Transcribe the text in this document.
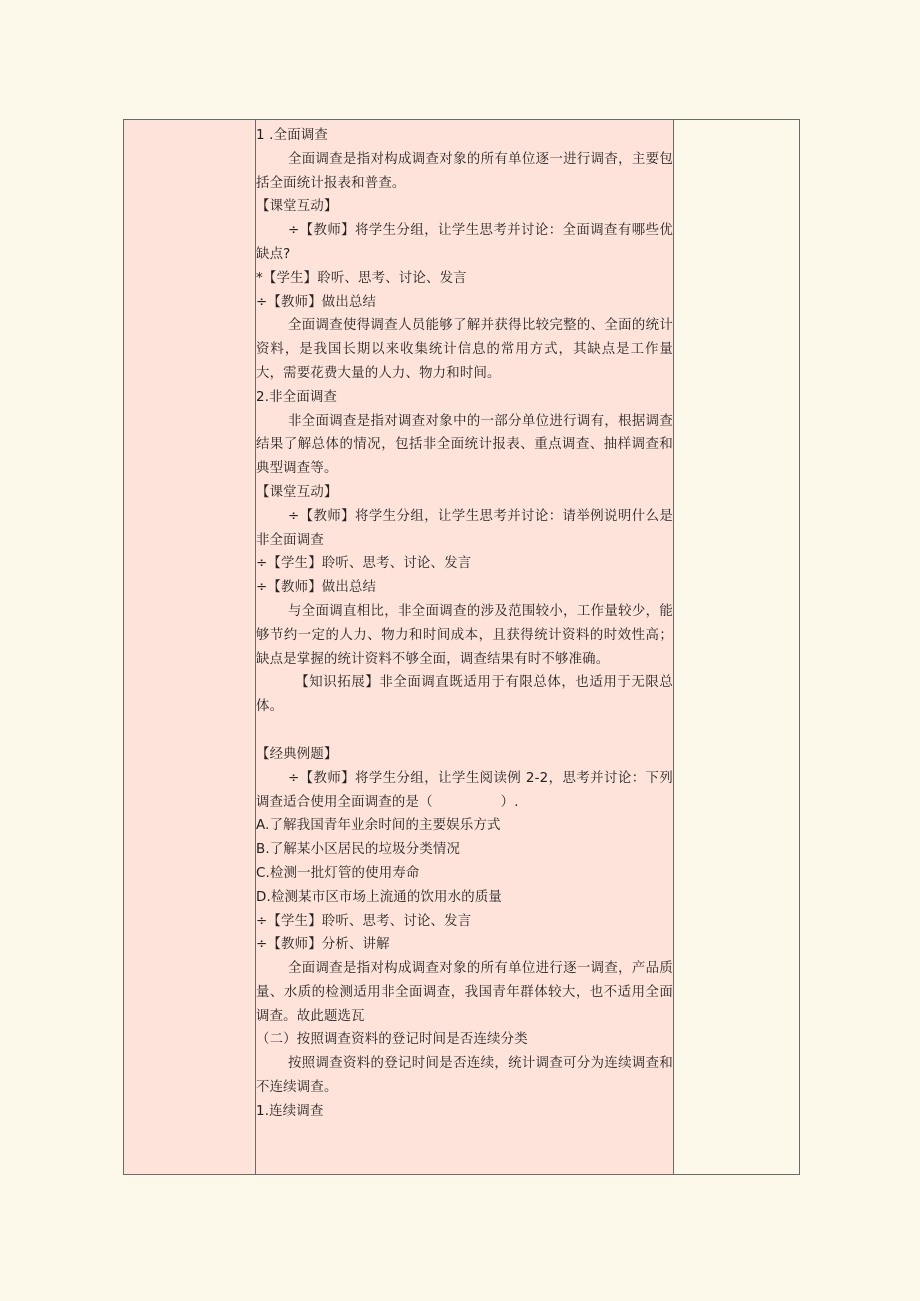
1 .全面调查

全面调查是指对构成调查对象的所有单位逐一进行调杳，主要包括全面统计报表和普查。

【课堂互动】

÷【教师】将学生分组，让学生思考并讨论：全面调查有哪些优缺点?

*【学生】聆听、思考、讨论、发言

÷【教师】做出总结

全面调查使得调查人员能够了解并获得比较完整的、全面的统计资料，是我国长期以来收集统计信息的常用方式，其缺点是工作量大，需要花费大量的人力、物力和时间。

2.非全面调查

非全面调查是指对调查对象中的一部分单位进行调有，根据调查结果了解总体的情况，包括非全面统计报表、重点调查、抽样调查和典型调查等。

【课堂互动】

÷【教师】将学生分组，让学生思考并讨论：请举例说明什么是非全面调查

÷【学生】聆听、思考、讨论、发言

÷【教师】做出总结

与全面调直相比，非全面调查的涉及范围较小，工作量较少，能够节约一定的人力、物力和时间成本，且获得统计资料的时效性高；缺点是掌握的统计资料不够全面，调查结果有时不够准确。

　【知识拓展】非全面调直既适用于有限总体，也适用于无限总体。

【经典例题】

÷【教师】将学生分组，让学生阅读例 2-2，思考并讨论：下列调查适合使用全面调查的是（　　　　　）.

A.了解我国青年业余时间的主要娱乐方式

B.了解某小区居民的垃圾分类情况

C.检测一批灯管的使用寿命

D.检测某市区市场上流通的饮用水的质量

÷【学生】聆听、思考、讨论、发言

÷【教师】分析、讲解

全面调查是指对构成调查对象的所有单位进行逐一调查，产品质量、水质的检测适用非全面调查，我国青年群体较大，也不适用全面调查。故此题选瓦

（二）按照调查资料的登记时间是否连续分类

按照调查资料的登记时间是否连续，统计调查可分为连续调查和不连续调查。

1.连续调查
